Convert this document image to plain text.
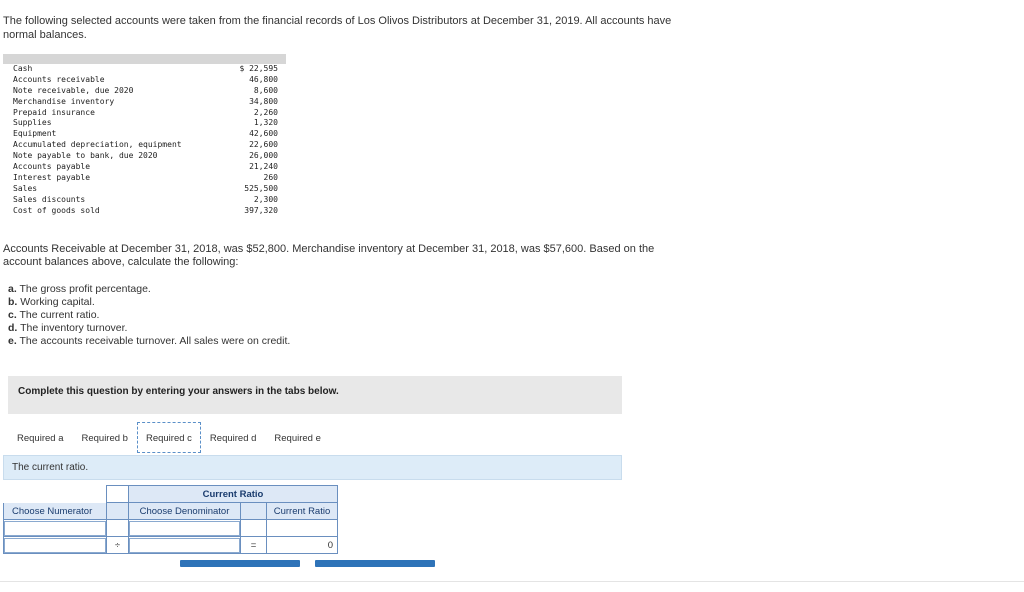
The following selected accounts were taken from the financial records of Los Olivos Distributors at December 31, 2019. All accounts have normal balances.
Cash	$ 22,595
Accounts receivable	46,800
Note receivable, due 2020	8,600
Merchandise inventory	34,800
Prepaid insurance	2,260
Supplies	1,320
Equipment	42,600
Accumulated depreciation, equipment	22,600
Note payable to bank, due 2020	26,000
Accounts payable	21,240
Interest payable	260
Sales	525,500
Sales discounts	2,300
Cost of goods sold	397,320
Accounts Receivable at December 31, 2018, was $52,800. Merchandise inventory at December 31, 2018, was $57,600. Based on the account balances above, calculate the following:
a. The gross profit percentage.
b. Working capital.
c. The current ratio.
d. The inventory turnover.
e. The accounts receivable turnover. All sales were on credit.
Complete this question by entering your answers in the tabs below.
Required a	Required b	Required c	Required d	Required e
The current ratio.
		Current Ratio		
Choose Numerator		Choose Denominator		Current Ratio

	÷		=	0
